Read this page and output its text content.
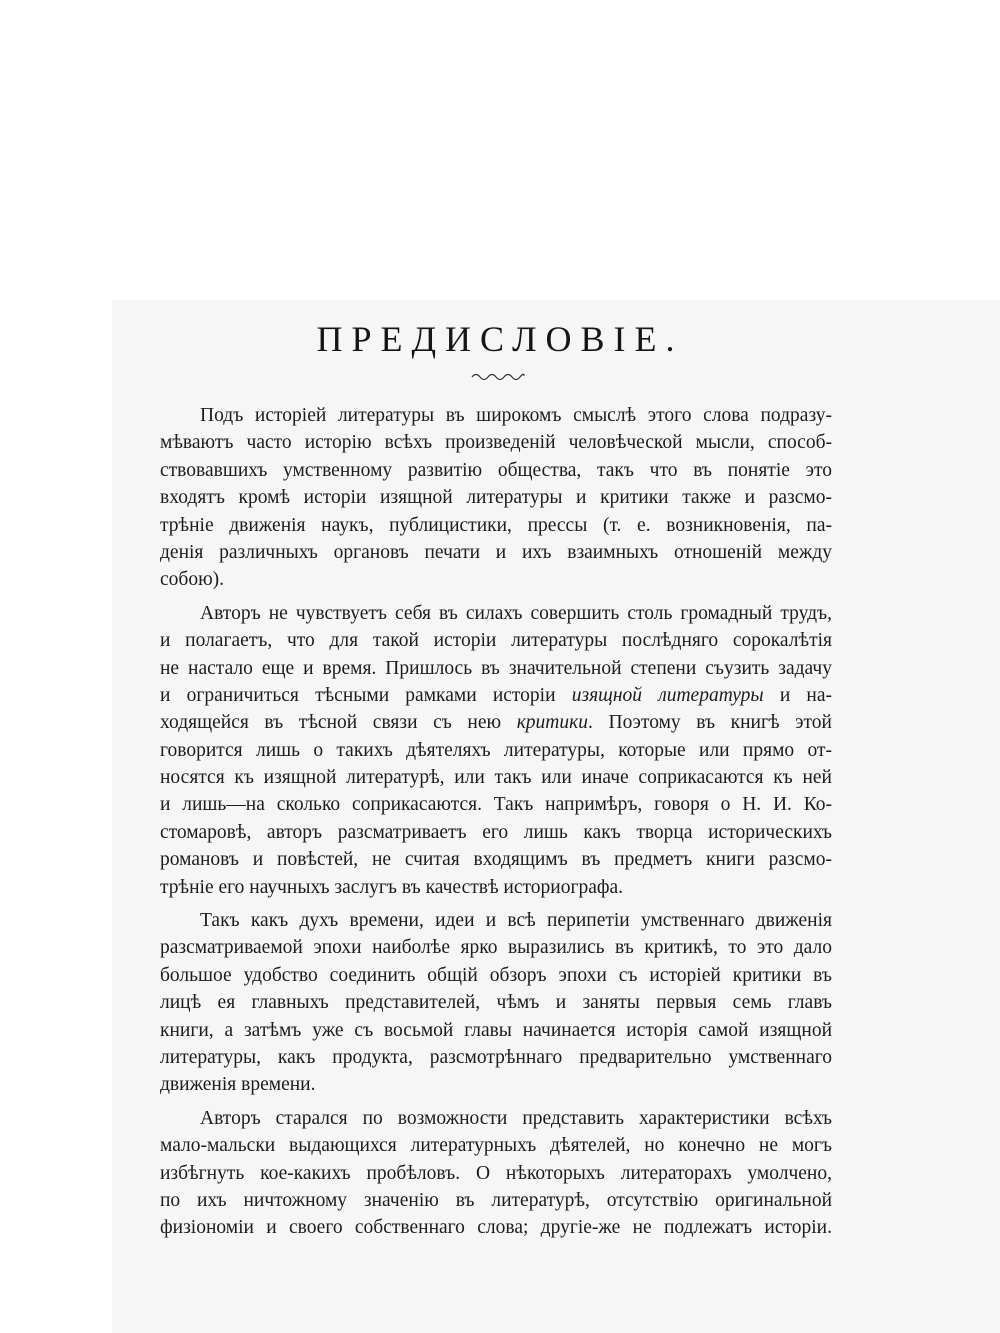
ПРЕДИСЛОВІЕ.

Подъ исторіей литературы въ широкомъ смыслѣ этого слова подразу-
мѣваютъ часто исторію всѣхъ произведеній человѣческой мысли, способ-
ствовавшихъ умственному развитію общества, такъ что въ понятіе это
входятъ кромѣ исторіи изящной литературы и критики также и разсмо-
трѣніе движенія наукъ, публицистики, прессы (т. е. возникновенія, па-
денія различныхъ органовъ печати и ихъ взаимныхъ отношеній между
собою).

Авторъ не чувствуетъ себя въ силахъ совершить столь громадный трудъ,
и полагаетъ, что для такой исторіи литературы послѣдняго сорокалѣтія
не настало еще и время. Пришлось въ значительной степени съузить задачу
и ограничиться тѣсными рамками исторіи изящной литературы и на-
ходящейся въ тѣсной связи съ нею критики. Поэтому въ книгѣ этой
говорится лишь о такихъ дѣятеляхъ литературы, которые или прямо от-
носятся къ изящной литературѣ, или такъ или иначе соприкасаются къ ней
и лишь—на сколько соприкасаются. Такъ напримѣръ, говоря о Н. И. Ко-
стомаровѣ, авторъ разсматриваетъ его лишь какъ творца историческихъ
романовъ и повѣстей, не считая входящимъ въ предметъ книги разсмо-
трѣніе его научныхъ заслугъ въ качествѣ историографа.

Такъ какъ духъ времени, идеи и всѣ перипетіи умственнаго движенія
разсматриваемой эпохи наиболѣе ярко выразились въ критикѣ, то это дало
большое удобство соединить общій обзоръ эпохи съ исторіей критики въ
лицѣ ея главныхъ представителей, чѣмъ и заняты первыя семь главъ
книги, а затѣмъ уже съ восьмой главы начинается исторія самой изящной
литературы, какъ продукта, разсмотрѣннаго предварительно умственнаго
движенія времени.

Авторъ старался по возможности представить характеристики всѣхъ
мало-мальски выдающихся литературныхъ дѣятелей, но конечно не могъ
избѣгнуть кое-какихъ пробѣловъ. О нѣкоторыхъ литераторахъ умолчено,
по ихъ ничтожному значенію въ литературѣ, отсутствію оригинальной
физіономіи и своего собственнаго слова; другіе-же не подлежатъ исторіи.
